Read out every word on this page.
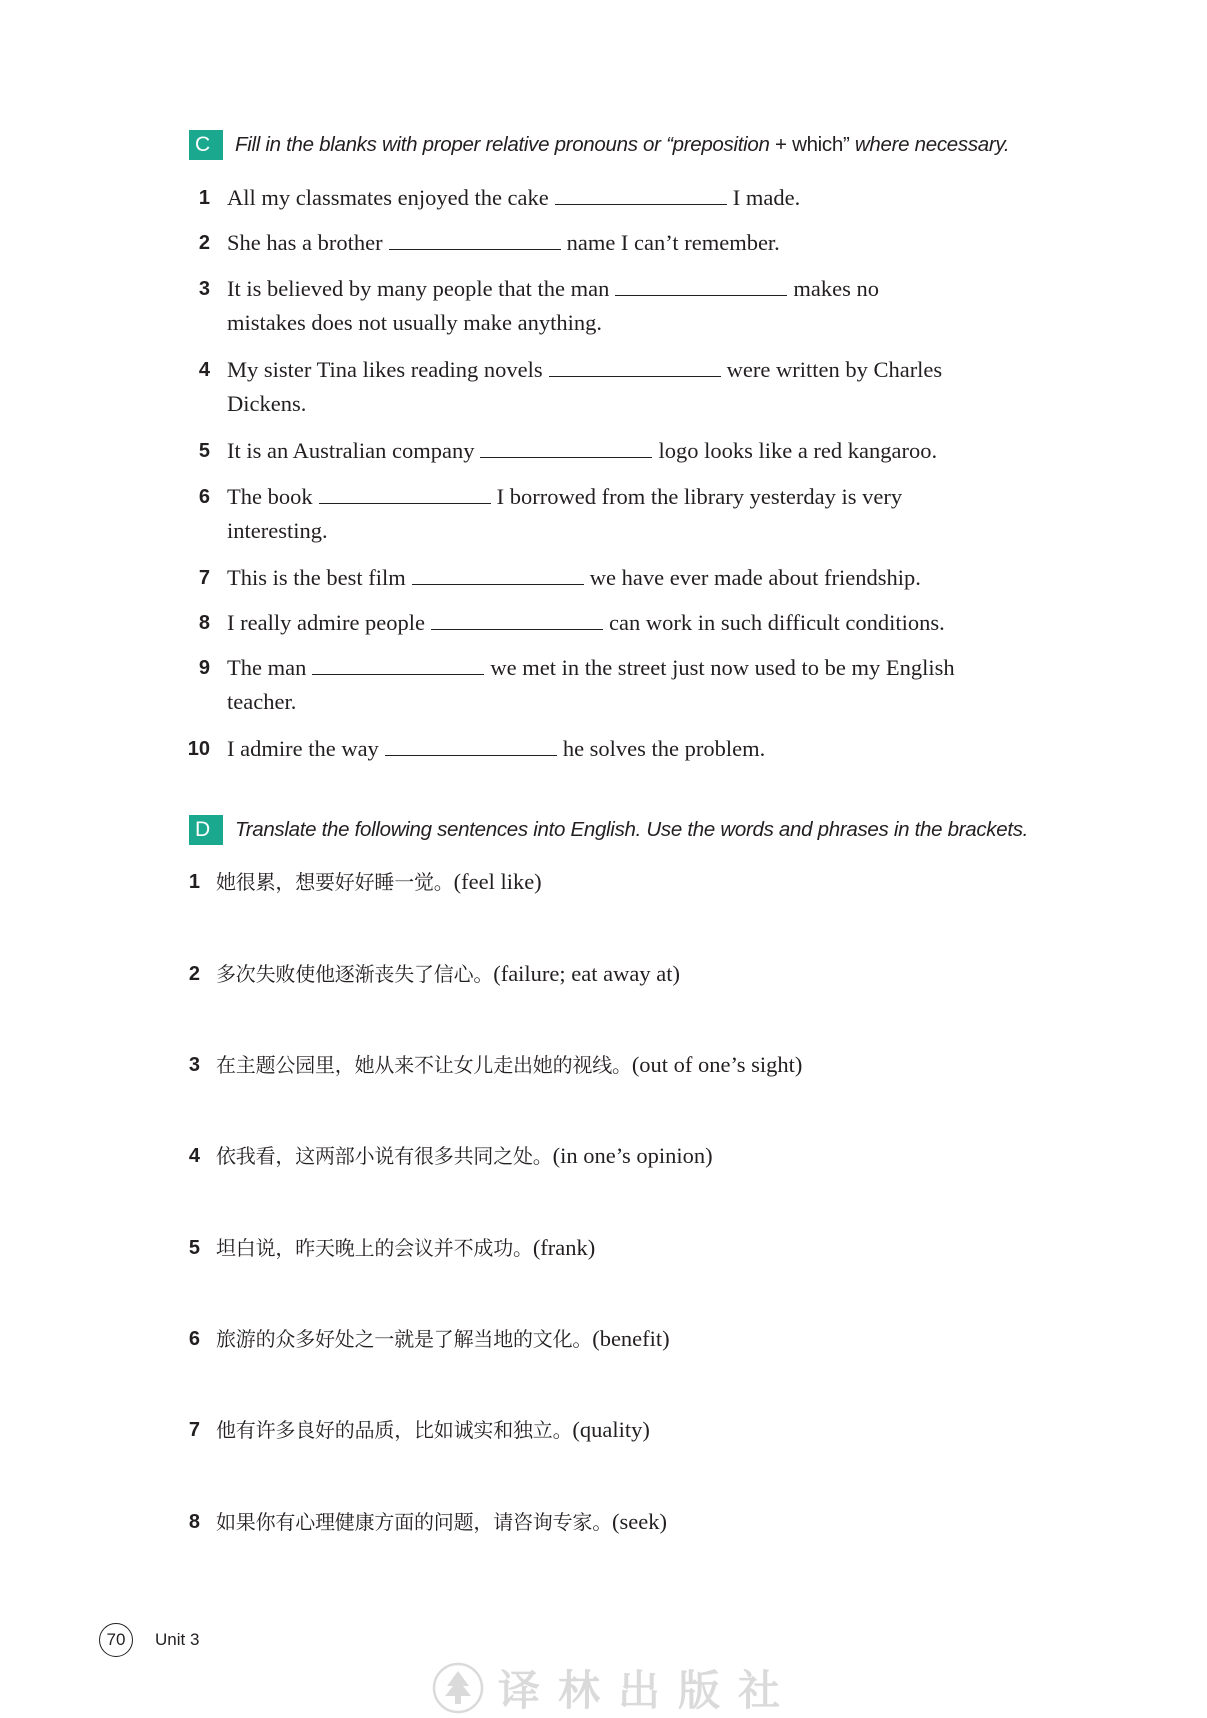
C	Fill in the blanks with proper relative pronouns or “preposition + which” where necessary.
1 All my classmates enjoyed the cake	I made.
2 She has a brother	name I can’t remember.
3 It is believed by many people that the man	makes no
mistakes does not usually make anything.
4 My sister Tina likes reading novels	were written by Charles
Dickens.
5 It is an Australian company	logo looks like a red kangaroo.
6 The book	I borrowed from the library yesterday is very
interesting.
7 This is the best film	we have ever made about friendship.
8 I really admire people	can work in such difficult conditions.
9 The man	we met in the street just now used to be my English
teacher.
10 I admire the way	he solves the problem.
D	Translate the following sentences into English. Use the words and phrases in the brackets.
1 她很累，想要好好睡一觉。(feel like)
2 多次失败使他逐渐丧失了信心。(failure; eat away at)
3 在主题公园里，她从来不让女儿走出她的视线。(out of one’s sight)
4 依我看，这两部小说有很多共同之处。(in one’s opinion)
5 坦白说，昨天晚上的会议并不成功。(frank)
6 旅游的众多好处之一就是了解当地的文化。(benefit)
7 他有许多良好的品质，比如诚实和独立。(quality)
8 如果你有心理健康方面的问题，请咨询专家。(seek)
70	Unit 3
译林出版社
